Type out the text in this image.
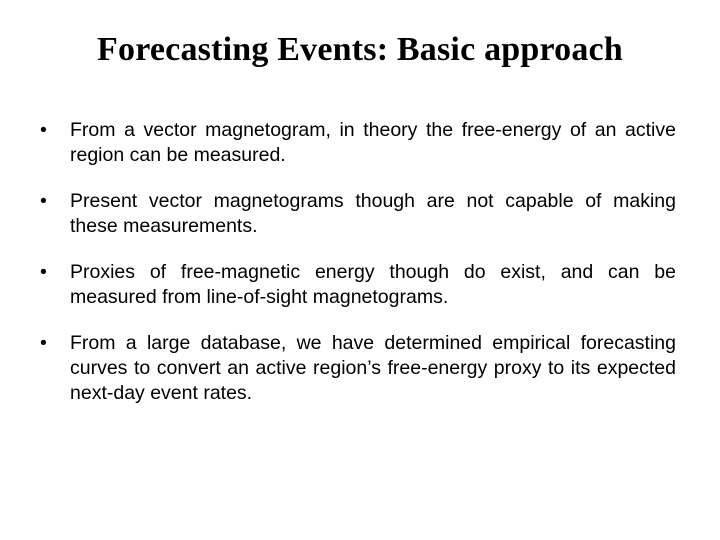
Forecasting Events: Basic approach
•	From a vector magnetogram, in theory the free-energy of an active region can be measured.
•	Present vector magnetograms though are not capable of making these measurements.
•	Proxies of free-magnetic energy though do exist, and can be measured from line-of-sight magnetograms.
•	From a large database, we have determined empirical forecasting curves to convert an active region’s free-energy proxy to its expected next-day event rates.
